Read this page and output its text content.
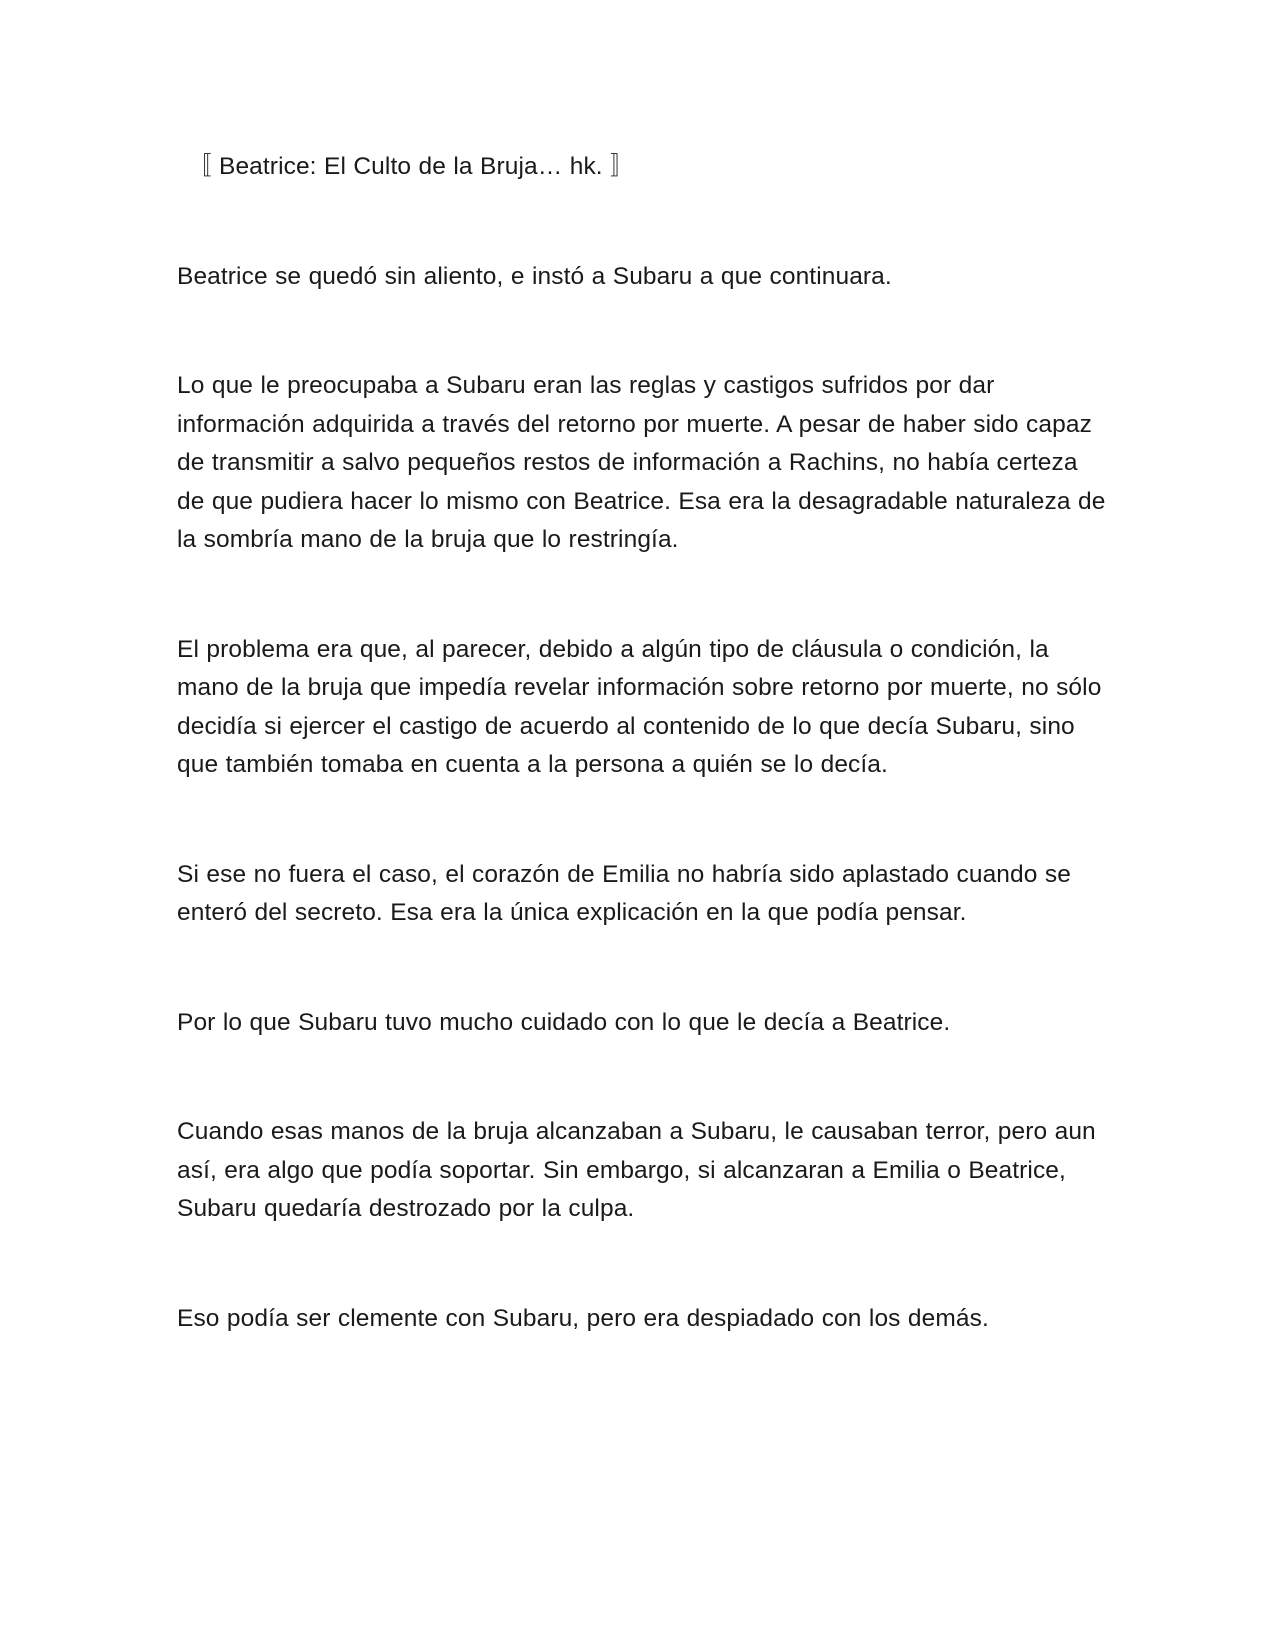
〚 Beatrice: El Culto de la Bruja… hk. 〛

Beatrice se quedó sin aliento, e instó a Subaru a que continuara.

Lo que le preocupaba a Subaru eran las reglas y castigos sufridos por dar información adquirida a través del retorno por muerte. A pesar de haber sido capaz de transmitir a salvo pequeños restos de información a Rachins, no había certeza de que pudiera hacer lo mismo con Beatrice. Esa era la desagradable naturaleza de la sombría mano de la bruja que lo restringía.

El problema era que, al parecer, debido a algún tipo de cláusula o condición, la mano de la bruja que impedía revelar información sobre retorno por muerte, no sólo decidía si ejercer el castigo de acuerdo al contenido de lo que decía Subaru, sino que también tomaba en cuenta a la persona a quién se lo decía.

Si ese no fuera el caso, el corazón de Emilia no habría sido aplastado cuando se enteró del secreto. Esa era la única explicación en la que podía pensar.

Por lo que Subaru tuvo mucho cuidado con lo que le decía a Beatrice.

Cuando esas manos de la bruja alcanzaban a Subaru, le causaban terror, pero aun así, era algo que podía soportar. Sin embargo, si alcanzaran a Emilia o Beatrice, Subaru quedaría destrozado por la culpa.

Eso podía ser clemente con Subaru, pero era despiadado con los demás.
